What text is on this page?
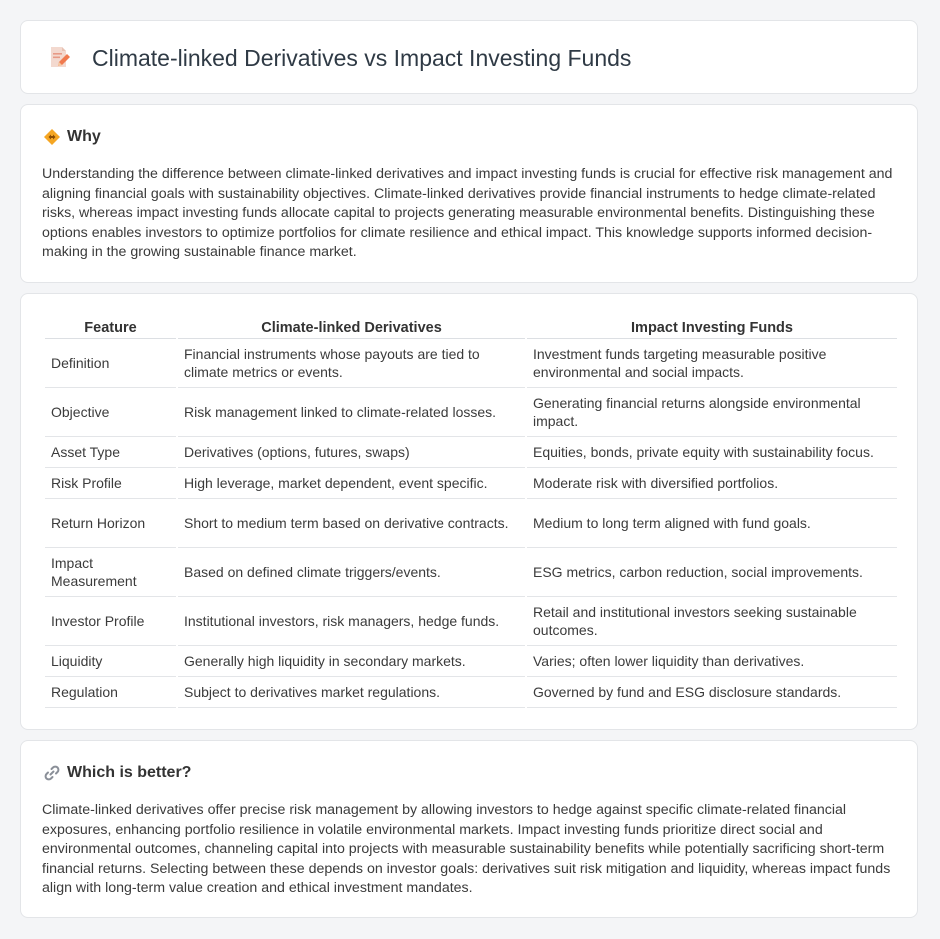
Climate-linked Derivatives vs Impact Investing Funds
Why

Understanding the difference between climate-linked derivatives and impact investing funds is crucial for effective risk management and aligning financial goals with sustainability objectives. Climate-linked derivatives provide financial instruments to hedge climate-related risks, whereas impact investing funds allocate capital to projects generating measurable environmental benefits. Distinguishing these options enables investors to optimize portfolios for climate resilience and ethical impact. This knowledge supports informed decision-making in the growing sustainable finance market.

Feature	Climate-linked Derivatives	Impact Investing Funds
Definition	Financial instruments whose payouts are tied to climate metrics or events.	Investment funds targeting measurable positive environmental and social impacts.
Objective	Risk management linked to climate-related losses.	Generating financial returns alongside environmental impact.
Asset Type	Derivatives (options, futures, swaps)	Equities, bonds, private equity with sustainability focus.
Risk Profile	High leverage, market dependent, event specific.	Moderate risk with diversified portfolios.
Return Horizon	Short to medium term based on derivative contracts.	Medium to long term aligned with fund goals.
Impact Measurement	Based on defined climate triggers/events.	ESG metrics, carbon reduction, social improvements.
Investor Profile	Institutional investors, risk managers, hedge funds.	Retail and institutional investors seeking sustainable outcomes.
Liquidity	Generally high liquidity in secondary markets.	Varies; often lower liquidity than derivatives.
Regulation	Subject to derivatives market regulations.	Governed by fund and ESG disclosure standards.
Which is better?

Climate-linked derivatives offer precise risk management by allowing investors to hedge against specific climate-related financial exposures, enhancing portfolio resilience in volatile environmental markets. Impact investing funds prioritize direct social and environmental outcomes, channeling capital into projects with measurable sustainability benefits while potentially sacrificing short-term financial returns. Selecting between these depends on investor goals: derivatives suit risk mitigation and liquidity, whereas impact funds align with long-term value creation and ethical investment mandates.
